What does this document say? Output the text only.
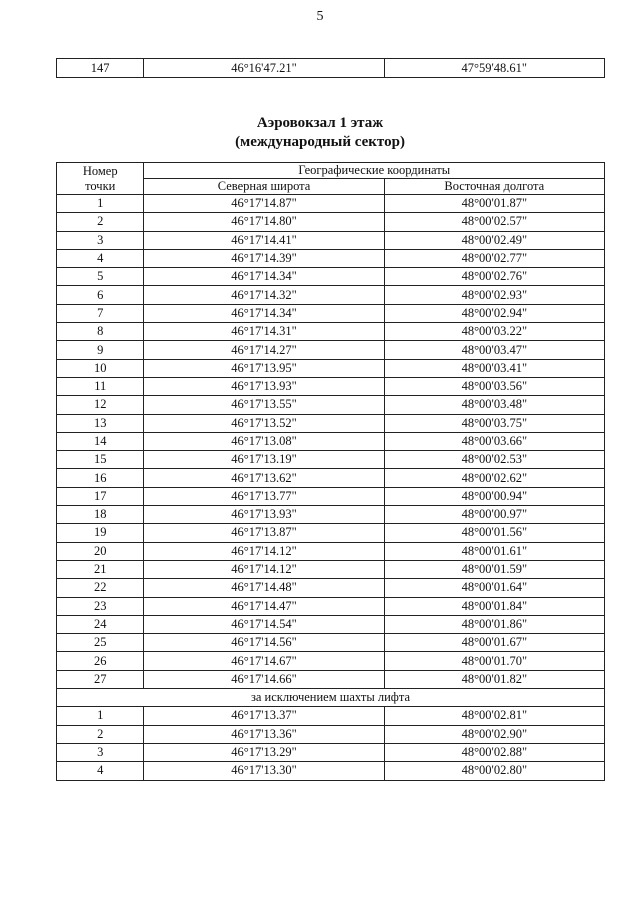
5
147	46°16'47.21"	47°59'48.61"
Аэровокзал 1 этаж
(международный сектор)
Номер
точки	Географические координаты	
	Северная широта	Восточная долгота
1	46°17'14.87"	48°00'01.87"
2	46°17'14.80"	48°00'02.57"
3	46°17'14.41"	48°00'02.49"
4	46°17'14.39"	48°00'02.77"
5	46°17'14.34"	48°00'02.76"
6	46°17'14.32"	48°00'02.93"
7	46°17'14.34"	48°00'02.94"
8	46°17'14.31"	48°00'03.22"
9	46°17'14.27"	48°00'03.47"
10	46°17'13.95"	48°00'03.41"
11	46°17'13.93"	48°00'03.56"
12	46°17'13.55"	48°00'03.48"
13	46°17'13.52"	48°00'03.75"
14	46°17'13.08"	48°00'03.66"
15	46°17'13.19"	48°00'02.53"
16	46°17'13.62"	48°00'02.62"
17	46°17'13.77"	48°00'00.94"
18	46°17'13.93"	48°00'00.97"
19	46°17'13.87"	48°00'01.56"
20	46°17'14.12"	48°00'01.61"
21	46°17'14.12"	48°00'01.59"
22	46°17'14.48"	48°00'01.64"
23	46°17'14.47"	48°00'01.84"
24	46°17'14.54"	48°00'01.86"
25	46°17'14.56"	48°00'01.67"
26	46°17'14.67"	48°00'01.70"
27	46°17'14.66"	48°00'01.82"
за исключением шахты лифта		
1	46°17'13.37"	48°00'02.81"
2	46°17'13.36"	48°00'02.90"
3	46°17'13.29"	48°00'02.88"
4	46°17'13.30"	48°00'02.80"
